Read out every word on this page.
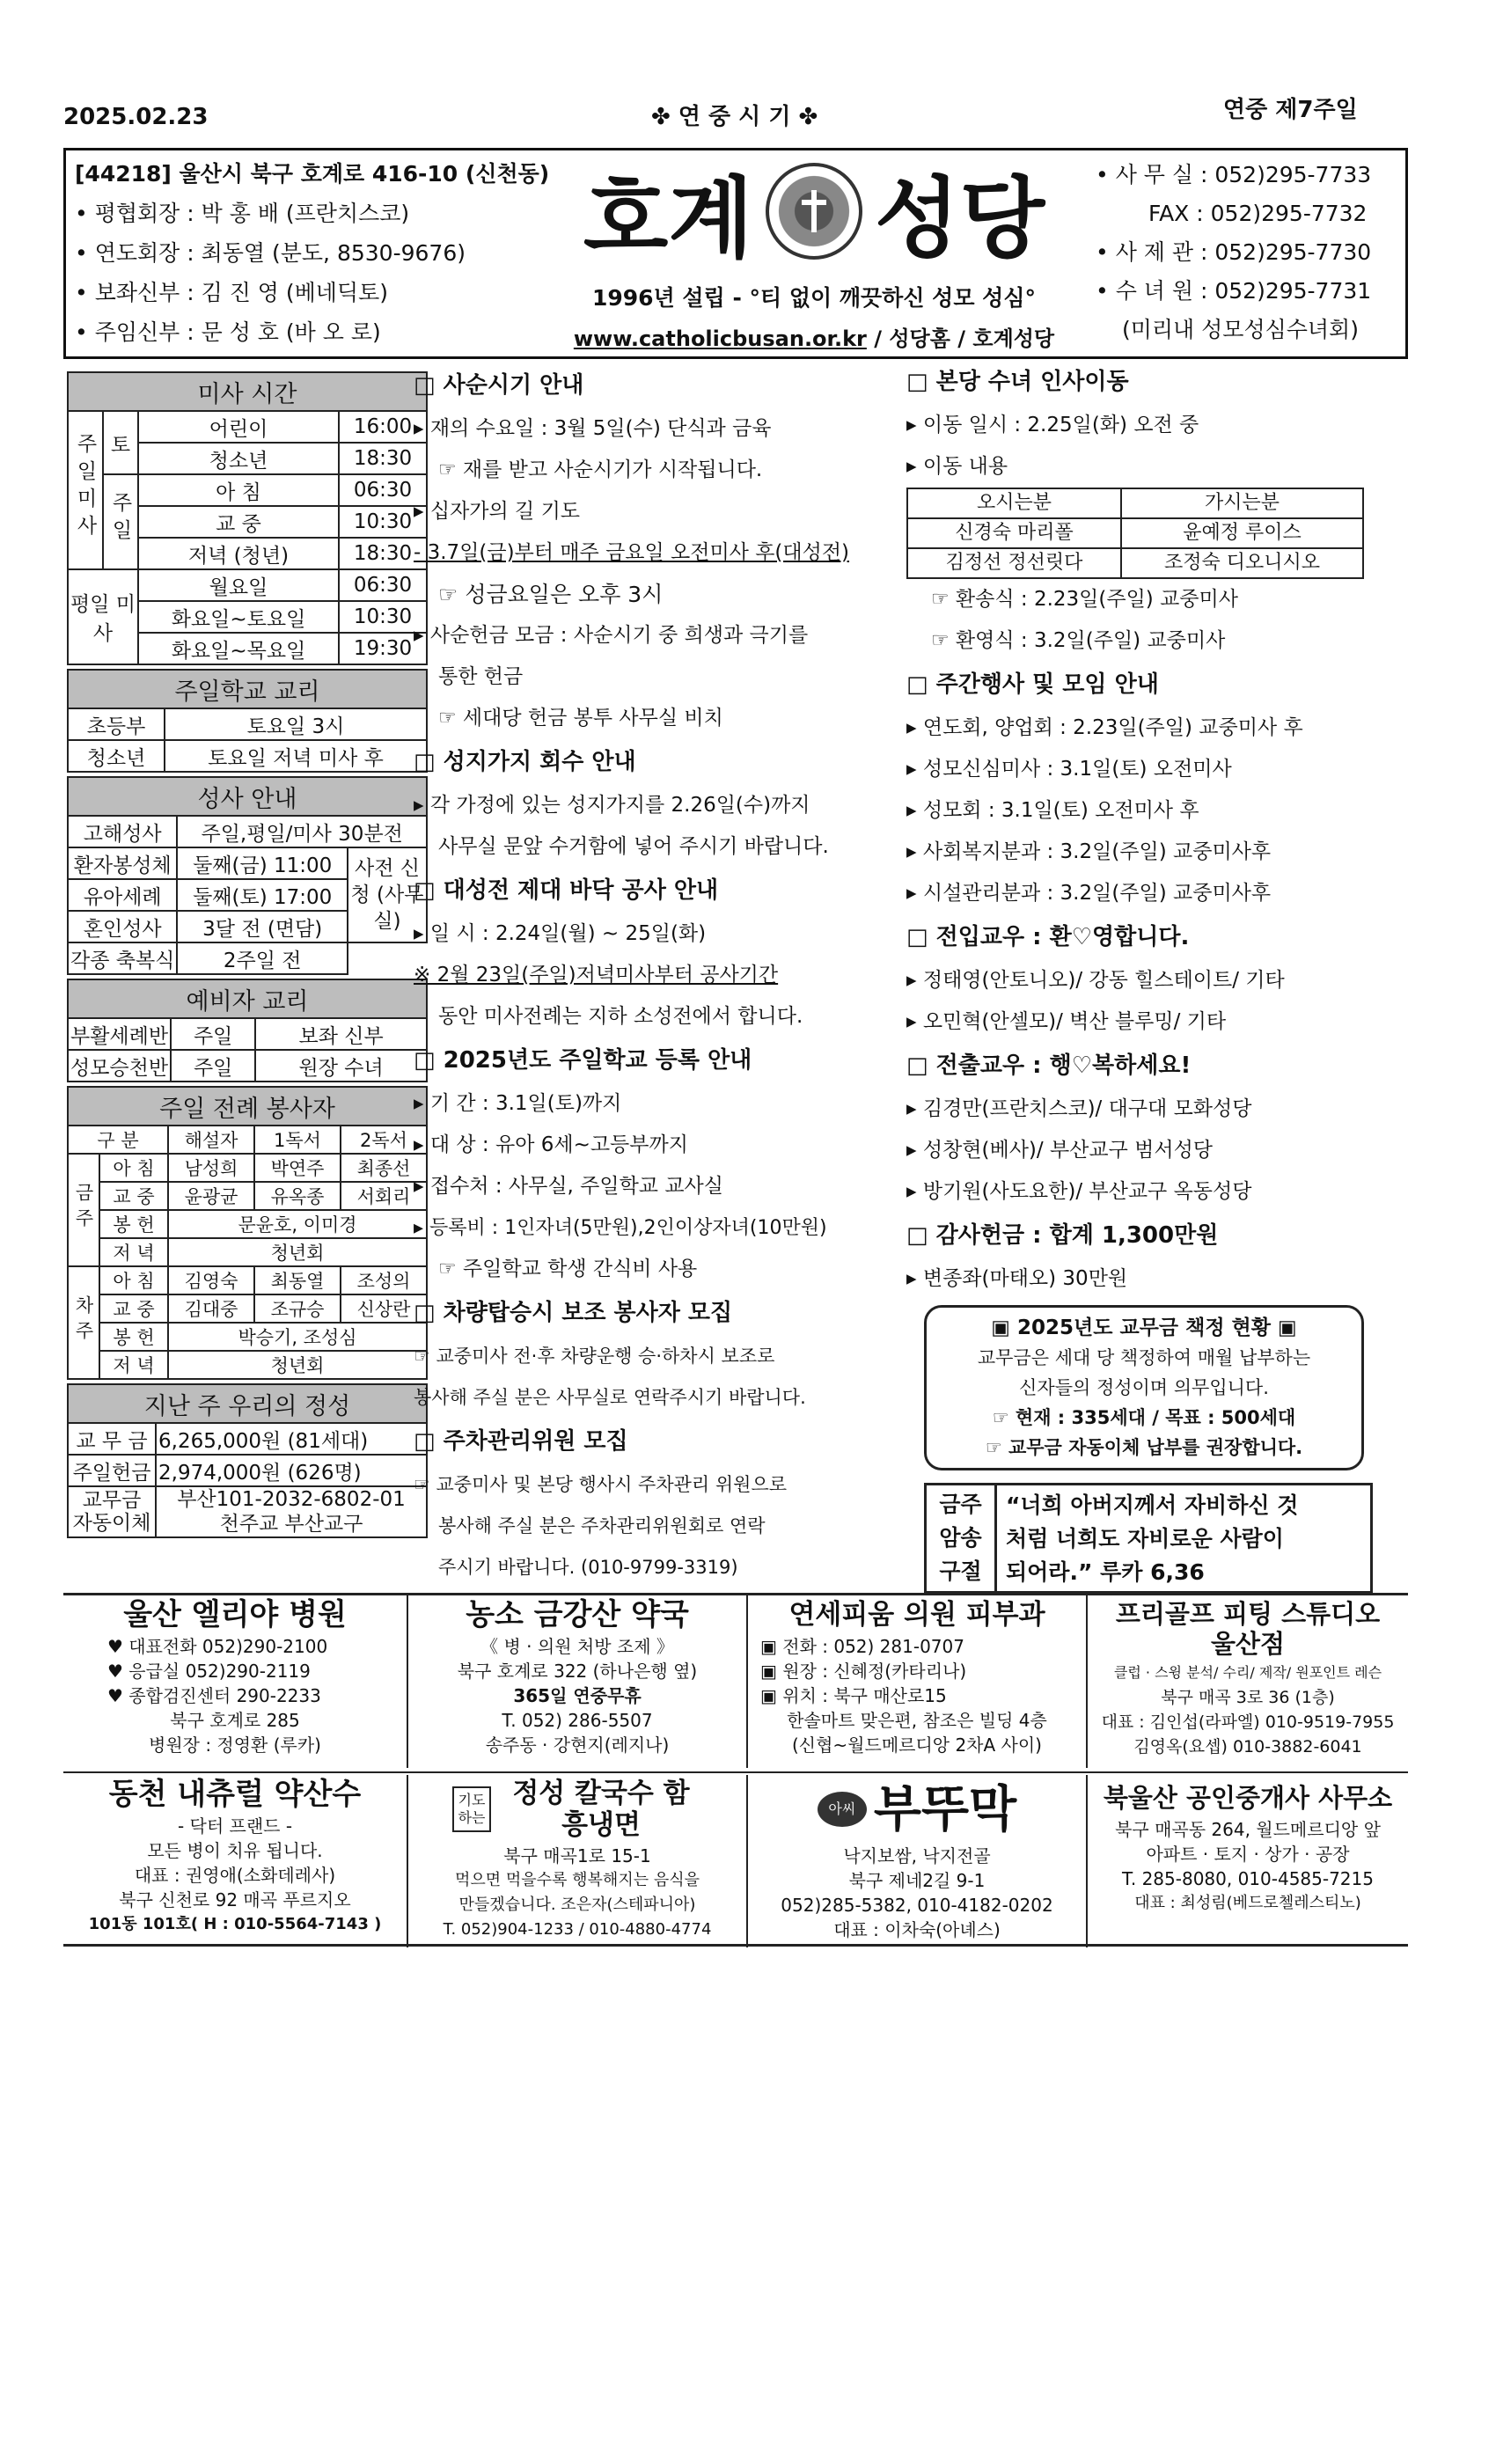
2025.02.23	✤ 연 중 시 기 ✤	연중 제7주일
[44218] 울산시 북구 호계로 416-10 (신천동)
• 평협회장 : 박 홍 배 (프란치스코)
• 연도회장 : 최동열 (분도, 8530-9676)
• 보좌신부 : 김 진 영 (베네딕토)
• 주임신부 : 문 성 호 (바 오 로)
호계 성당
1996년 설립 - °티 없이 깨끗하신 성모 성심°
www.catholicbusan.or.kr / 성당홈 / 호계성당
• 사 무 실 : 052)295-7733
FAX : 052)295-7732
• 사 제 관 : 052)295-7730
• 수 녀 원 : 052)295-7731
(미리내 성모성심수녀회)
미사 시간			
주일미사	토	어린이	16:00
		청소년	18:30
	주일	아 침	06:30
		교 중	10:30
		저녁 (청년)	18:30
평일 미사		월요일	06:30
		화요일~토요일	10:30
		화요일~목요일	19:30
주일학교 교리	
초등부	토요일 3시
청소년	토요일 저녁 미사 후
성사 안내		
고해성사	주일,평일/미사 30분전	
환자봉성체	둘째(금) 11:00	사전 신청 (사무실)
유아세례	둘째(토) 17:00	
혼인성사	3달 전 (면담)	
각종 축복식	2주일 전	
예비자 교리		
부활세례반	주일	보좌 신부
성모승천반	주일	원장 수녀
주일 전례 봉사자				
구 분		해설자	1독서	2독서
금주	아 침	남성희	박연주	최종선
	교 중	윤광균	유옥종	서회리
	봉 헌	문윤호, 이미경		
	저 녁	청년회		
차주	아 침	김영숙	최동열	조성의
	교 중	김대중	조규승	신상란
	봉 헌	박승기, 조성심		
	저 녁	청년회		
지난 주 우리의 정성	
교 무 금	6,265,000원 (81세대)
주일헌금	2,974,000원 (626명)
교무금 자동이체	부산101-2032-6802-01
천주교 부산교구
□ 사순시기 안내
▸ 재의 수요일 : 3월 5일(수) 단식과 금육
☞ 재를 받고 사순시기가 시작됩니다.
▸ 십자가의 길 기도
- 3.7일(금)부터 매주 금요일 오전미사 후(대성전)
☞ 성금요일은 오후 3시
▸ 사순헌금 모금 : 사순시기 중 희생과 극기를
통한 헌금
☞ 세대당 헌금 봉투 사무실 비치
□ 성지가지 회수 안내
▸ 각 가정에 있는 성지가지를 2.26일(수)까지
사무실 문앞 수거함에 넣어 주시기 바랍니다.
□ 대성전 제대 바닥 공사 안내
▸ 일 시 : 2.24일(월) ~ 25일(화)
※ 2월 23일(주일)저녁미사부터 공사기간
동안 미사전례는 지하 소성전에서 합니다.
□ 2025년도 주일학교 등록 안내
▸ 기 간 : 3.1일(토)까지
▸ 대 상 : 유아 6세~고등부까지
▸ 접수처 : 사무실, 주일학교 교사실
▸ 등록비 : 1인자녀(5만원),2인이상자녀(10만원)
☞ 주일학교 학생 간식비 사용
□ 차량탑승시 보조 봉사자 모집
☞ 교중미사 전·후 차량운행 승·하차시 보조로
봉사해 주실 분은 사무실로 연락주시기 바랍니다.
□ 주차관리위원 모집
☞ 교중미사 및 본당 행사시 주차관리 위원으로
봉사해 주실 분은 주차관리위원회로 연락
주시기 바랍니다. (010-9799-3319)
□ 본당 수녀 인사이동
▸ 이동 일시 : 2.25일(화) 오전 중
▸ 이동 내용
오시는분	가시는분
신경숙 마리폴	윤예정 루이스
김정선 정선릿다	조정숙 디오니시오
☞ 환송식 : 2.23일(주일) 교중미사
☞ 환영식 : 3.2일(주일) 교중미사
□ 주간행사 및 모임 안내
▸ 연도회, 양업회 : 2.23일(주일) 교중미사 후
▸ 성모신심미사 : 3.1일(토) 오전미사
▸ 성모회 : 3.1일(토) 오전미사 후
▸ 사회복지분과 : 3.2일(주일) 교중미사후
▸ 시설관리분과 : 3.2일(주일) 교중미사후
□ 전입교우 : 환♡영합니다.
▸ 정태영(안토니오)/ 강동 힐스테이트/ 기타
▸ 오민혁(안셀모)/ 벽산 블루밍/ 기타
□ 전출교우 : 행♡복하세요!
▸ 김경만(프란치스코)/ 대구대 모화성당
▸ 성창현(베사)/ 부산교구 범서성당
▸ 방기원(사도요한)/ 부산교구 옥동성당
□ 감사헌금 : 합계 1,300만원
▸ 변종좌(마태오) 30만원
▣ 2025년도 교무금 책정 현황 ▣
교무금은 세대 당 책정하여 매월 납부하는
신자들의 정성이며 의무입니다.
☞ 현재 : 335세대 / 목표 : 500세대
☞ 교무금 자동이체 납부를 권장합니다.
금주 암송 구절
“너희 아버지께서 자비하신 것
처럼 너희도 자비로운 사람이
되어라.” 루카 6,36
울산 엘리야 병원
♥ 대표전화 052)290-2100
♥ 응급실 052)290-2119
♥ 종합검진센터 290-2233
북구 호계로 285
병원장 : 정영환 (루카)
농소 금강산 약국
《 병 · 의원 처방 조제 》
북구 호계로 322 (하나은행 옆)
365일 연중무휴
T. 052) 286-5507
송주동 · 강현지(레지나)
연세피움 의원 피부과
▣ 전화 : 052) 281-0707
▣ 원장 : 신혜정(카타리나)
▣ 위치 : 북구 매산로15
한솔마트 맞은편, 참조은 빌딩 4층
(신협~월드메르디앙 2차A 사이)
프리골프 피팅 스튜디오 울산점
클럽 · 스윙 분석/ 수리/ 제작/ 원포인트 레슨
북구 매곡 3로 36 (1층)
대표 : 김인섭(라파엘) 010-9519-7955
김영옥(요셉) 010-3882-6041
동천 내츄럴 약산수
- 닥터 프랜드 -
모든 병이 치유 됩니다.
대표 : 권영애(소화데레사)
북구 신천로 92 매곡 푸르지오
101동 101호( H : 010-5564-7143 )
기도 하는
정성 칼국수 함흥냉면
북구 매곡1로 15-1
먹으면 먹을수록 행복해지는 음식을
만들겠습니다. 조은자(스테파니아)
T. 052)904-1233 / 010-4880-4774
아씨 부뚜막
낙지보쌈, 낙지전골
북구 제네2길 9-1
052)285-5382, 010-4182-0202
대표 : 이차숙(아녜스)
북울산 공인중개사 사무소
북구 매곡동 264, 월드메르디앙 앞
아파트 · 토지 · 상가 · 공장
T. 285-8080, 010-4585-7215
대표 : 최성림(베드로첼레스티노)
